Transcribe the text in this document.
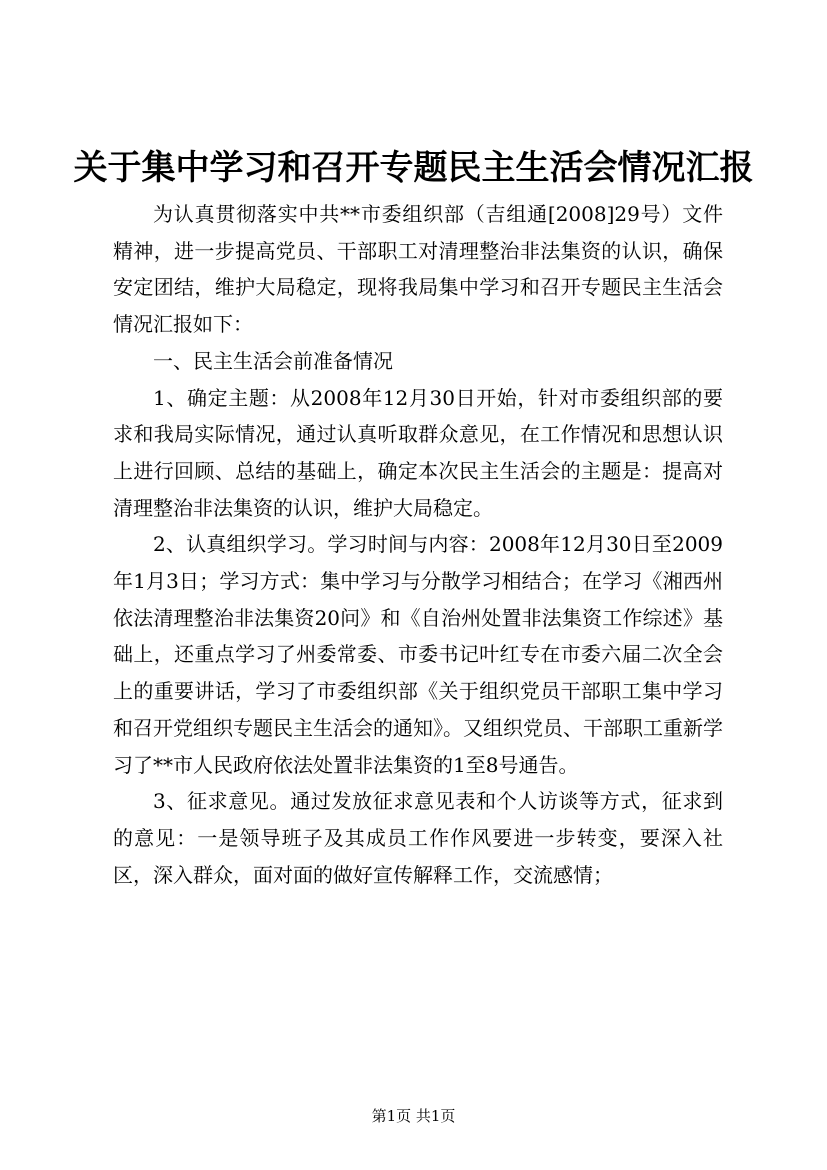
关于集中学习和召开专题民主生活会情况汇报

为认真贯彻落实中共**市委组织部（吉组通[2008]29号）文件精神，进一步提高党员、干部职工对清理整治非法集资的认识，确保安定团结，维护大局稳定，现将我局集中学习和召开专题民主生活会情况汇报如下：

一、民主生活会前准备情况

1、确定主题：从2008年12月30日开始，针对市委组织部的要求和我局实际情况，通过认真听取群众意见，在工作情况和思想认识上进行回顾、总结的基础上，确定本次民主生活会的主题是：提高对清理整治非法集资的认识，维护大局稳定。

2、认真组织学习。学习时间与内容：2008年12月30日至2009年1月3日；学习方式：集中学习与分散学习相结合；在学习《湘西州依法清理整治非法集资20问》和《自治州处置非法集资工作综述》基础上，还重点学习了州委常委、市委书记叶红专在市委六届二次全会上的重要讲话，学习了市委组织部《关于组织党员干部职工集中学习和召开党组织专题民主生活会的通知》。又组织党员、干部职工重新学习了**市人民政府依法处置非法集资的1至8号通告。

3、征求意见。通过发放征求意见表和个人访谈等方式，征求到的意见：一是领导班子及其成员工作作风要进一步转变，要深入社区，深入群众，面对面的做好宣传解释工作，交流感情；

第1页 共1页
